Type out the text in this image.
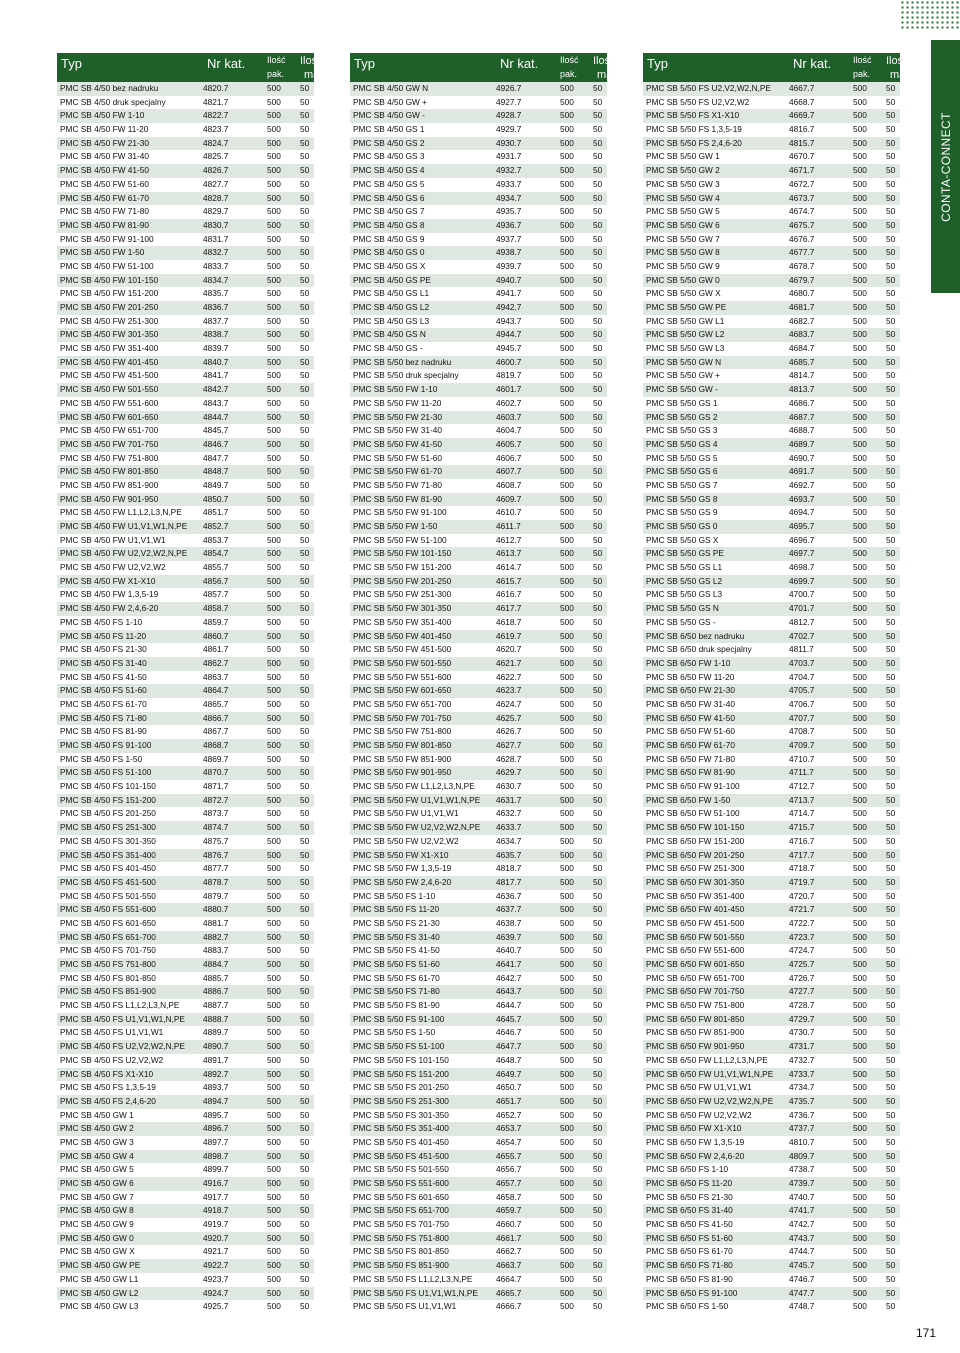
Typ	Nr kat. Ilość
pak.
Ilość/
mat
PMC SB 4/50 bez nadruku	4820.7	500 50
PMC SB 4/50 druk specjalny	4821.7	500 50
PMC SB 4/50 FW 1-10	4822.7	500 50
PMC SB 4/50 FW 11-20	4823.7	500 50
PMC SB 4/50 FW 21-30	4824.7	500 50
PMC SB 4/50 FW 31-40	4825.7	500 50
PMC SB 4/50 FW 41-50	4826.7	500 50
PMC SB 4/50 FW 51-60	4827.7	500 50
PMC SB 4/50 FW 61-70	4828.7	500 50
PMC SB 4/50 FW 71-80	4829.7	500 50
PMC SB 4/50 FW 81-90	4830.7	500 50
PMC SB 4/50 FW 91-100	4831.7	500 50
PMC SB 4/50 FW 1-50	4832.7	500 50
PMC SB 4/50 FW 51-100	4833.7	500 50
PMC SB 4/50 FW 101-150	4834.7	500 50
PMC SB 4/50 FW 151-200	4835.7	500 50
PMC SB 4/50 FW 201-250	4836.7	500 50
PMC SB 4/50 FW 251-300	4837.7	500 50
PMC SB 4/50 FW 301-350	4838.7	500 50
PMC SB 4/50 FW 351-400	4839.7	500 50
PMC SB 4/50 FW 401-450	4840.7	500 50
PMC SB 4/50 FW 451-500	4841.7	500 50
PMC SB 4/50 FW 501-550	4842.7	500 50
PMC SB 4/50 FW 551-600	4843.7	500 50
PMC SB 4/50 FW 601-650	4844.7	500 50
PMC SB 4/50 FW 651-700	4845.7	500 50
PMC SB 4/50 FW 701-750	4846.7	500 50
PMC SB 4/50 FW 751-800	4847.7	500 50
PMC SB 4/50 FW 801-850	4848.7	500 50
PMC SB 4/50 FW 851-900	4849.7	500 50
PMC SB 4/50 FW 901-950	4850.7	500 50
PMC SB 4/50 FW L1,L2,L3,N,PE	4851.7	500 50
PMC SB 4/50 FW U1,V1,W1,N,PE 4852.7	500 50
PMC SB 4/50 FW U1,V1,W1	4853.7	500 50
PMC SB 4/50 FW U2,V2,W2,N,PE 4854.7	500 50
PMC SB 4/50 FW U2,V2,W2	4855.7	500 50
PMC SB 4/50 FW X1-X10	4856.7	500 50
PMC SB 4/50 FW 1,3,5-19	4857.7	500 50
PMC SB 4/50 FW 2,4,6-20	4858.7	500 50
PMC SB 4/50 FS 1-10	4859.7	500 50
PMC SB 4/50 FS 11-20	4860.7	500 50
PMC SB 4/50 FS 21-30	4861.7	500 50
PMC SB 4/50 FS 31-40	4862.7	500 50
PMC SB 4/50 FS 41-50	4863.7	500 50
PMC SB 4/50 FS 51-60	4864.7	500 50
PMC SB 4/50 FS 61-70	4865.7	500 50
PMC SB 4/50 FS 71-80	4866.7	500 50
PMC SB 4/50 FS 81-90	4867.7	500 50
PMC SB 4/50 FS 91-100	4868.7	500 50
PMC SB 4/50 FS 1-50	4869.7	500 50
PMC SB 4/50 FS 51-100	4870.7	500 50
PMC SB 4/50 FS 101-150	4871.7	500 50
PMC SB 4/50 FS 151-200	4872.7	500 50
PMC SB 4/50 FS 201-250	4873.7	500 50
PMC SB 4/50 FS 251-300	4874.7	500 50
PMC SB 4/50 FS 301-350	4875.7	500 50
PMC SB 4/50 FS 351-400	4876.7	500 50
PMC SB 4/50 FS 401-450	4877.7	500 50
PMC SB 4/50 FS 451-500	4878.7	500 50
PMC SB 4/50 FS 501-550	4879.7	500 50
PMC SB 4/50 FS 551-600	4880.7	500 50
PMC SB 4/50 FS 601-650	4881.7	500 50
PMC SB 4/50 FS 651-700	4882.7	500 50
PMC SB 4/50 FS 701-750	4883.7	500 50
PMC SB 4/50 FS 751-800	4884.7	500 50
PMC SB 4/50 FS 801-850	4885.7	500 50
PMC SB 4/50 FS 851-900	4886.7	500 50
PMC SB 4/50 FS L1,L2,L3,N,PE	4887.7	500 50
PMC SB 4/50 FS U1,V1,W1,N,PE 4888.7	500 50
PMC SB 4/50 FS U1,V1,W1	4889.7	500 50
PMC SB 4/50 FS U2,V2,W2,N,PE 4890.7	500 50
PMC SB 4/50 FS U2,V2,W2	4891.7	500 50
PMC SB 4/50 FS X1-X10	4892.7	500 50
PMC SB 4/50 FS 1,3,5-19	4893.7	500 50
PMC SB 4/50 FS 2,4,6-20	4894.7	500 50
PMC SB 4/50 GW 1	4895.7	500 50
PMC SB 4/50 GW 2	4896.7	500 50
PMC SB 4/50 GW 3	4897.7	500 50
PMC SB 4/50 GW 4	4898.7	500 50
PMC SB 4/50 GW 5	4899.7	500 50
PMC SB 4/50 GW 6	4916.7	500 50
PMC SB 4/50 GW 7	4917.7	500 50
PMC SB 4/50 GW 8	4918.7	500 50
PMC SB 4/50 GW 9	4919.7	500 50
PMC SB 4/50 GW 0	4920.7	500 50
PMC SB 4/50 GW X	4921.7	500 50
PMC SB 4/50 GW PE	4922.7	500 50
PMC SB 4/50 GW L1	4923.7	500 50
PMC SB 4/50 GW L2	4924.7	500 50
PMC SB 4/50 GW L3	4925.7	500 50
Typ	Nr kat. Ilość
pak.
Ilość/
mat
PMC SB 4/50 GW N	4926.7	500 50
PMC SB 4/50 GW +	4927.7	500 50
PMC SB 4/50 GW -	4928.7	500 50
PMC SB 4/50 GS 1	4929.7	500 50
PMC SB 4/50 GS 2	4930.7	500 50
PMC SB 4/50 GS 3	4931.7	500 50
PMC SB 4/50 GS 4	4932.7	500 50
PMC SB 4/50 GS 5	4933.7	500 50
PMC SB 4/50 GS 6	4934.7	500 50
PMC SB 4/50 GS 7	4935.7	500 50
PMC SB 4/50 GS 8	4936.7	500 50
PMC SB 4/50 GS 9	4937.7	500 50
PMC SB 4/50 GS 0	4938.7	500 50
PMC SB 4/50 GS X	4939.7	500 50
PMC SB 4/50 GS PE	4940.7	500 50
PMC SB 4/50 GS L1	4941.7	500 50
PMC SB 4/50 GS L2	4942.7	500 50
PMC SB 4/50 GS L3	4943.7	500 50
PMC SB 4/50 GS N	4944.7	500 50
PMC SB 4/50 GS -	4945.7	500 50
PMC SB 5/50 bez nadruku	4600.7	500 50
PMC SB 5/50 druk specjalny	4819.7	500 50
PMC SB 5/50 FW 1-10	4601.7	500 50
PMC SB 5/50 FW 11-20	4602.7	500 50
PMC SB 5/50 FW 21-30	4603.7	500 50
PMC SB 5/50 FW 31-40	4604.7	500 50
PMC SB 5/50 FW 41-50	4605.7	500 50
PMC SB 5/50 FW 51-60	4606.7	500 50
PMC SB 5/50 FW 61-70	4607.7	500 50
PMC SB 5/50 FW 71-80	4608.7	500 50
PMC SB 5/50 FW 81-90	4609.7	500 50
PMC SB 5/50 FW 91-100	4610.7	500 50
PMC SB 5/50 FW 1-50	4611.7	500 50
PMC SB 5/50 FW 51-100	4612.7	500 50
PMC SB 5/50 FW 101-150	4613.7	500 50
PMC SB 5/50 FW 151-200	4614.7	500 50
PMC SB 5/50 FW 201-250	4615.7	500 50
PMC SB 5/50 FW 251-300	4616.7	500 50
PMC SB 5/50 FW 301-350	4617.7	500 50
PMC SB 5/50 FW 351-400	4618.7	500 50
PMC SB 5/50 FW 401-450	4619.7	500 50
PMC SB 5/50 FW 451-500	4620.7	500 50
PMC SB 5/50 FW 501-550	4621.7	500 50
PMC SB 5/50 FW 551-600	4622.7	500 50
PMC SB 5/50 FW 601-650	4623.7	500 50
PMC SB 5/50 FW 651-700	4624.7	500 50
PMC SB 5/50 FW 701-750	4625.7	500 50
PMC SB 5/50 FW 751-800	4626.7	500 50
PMC SB 5/50 FW 801-850	4627.7	500 50
PMC SB 5/50 FW 851-900	4628.7	500 50
PMC SB 5/50 FW 901-950	4629.7	500 50
PMC SB 5/50 FW L1,L2,L3,N,PE	4630.7	500 50
PMC SB 5/50 FW U1,V1,W1,N,PE 4631.7	500 50
PMC SB 5/50 FW U1,V1,W1	4632.7	500 50
PMC SB 5/50 FW U2,V2,W2,N,PE 4633.7	500 50
PMC SB 5/50 FW U2,V2,W2	4634.7	500 50
PMC SB 5/50 FW X1-X10	4635.7	500 50
PMC SB 5/50 FW 1,3,5-19	4818.7	500 50
PMC SB 5/50 FW 2,4,6-20	4817.7	500 50
PMC SB 5/50 FS 1-10	4636.7	500 50
PMC SB 5/50 FS 11-20	4637.7	500 50
PMC SB 5/50 FS 21-30	4638.7	500 50
PMC SB 5/50 FS 31-40	4639.7	500 50
PMC SB 5/50 FS 41-50	4640.7	500 50
PMC SB 5/50 FS 51-60	4641.7	500 50
PMC SB 5/50 FS 61-70	4642.7	500 50
PMC SB 5/50 FS 71-80	4643.7	500 50
PMC SB 5/50 FS 81-90	4644.7	500 50
PMC SB 5/50 FS 91-100	4645.7	500 50
PMC SB 5/50 FS 1-50	4646.7	500 50
PMC SB 5/50 FS 51-100	4647.7	500 50
PMC SB 5/50 FS 101-150	4648.7	500 50
PMC SB 5/50 FS 151-200	4649.7	500 50
PMC SB 5/50 FS 201-250	4650.7	500 50
PMC SB 5/50 FS 251-300	4651.7	500 50
PMC SB 5/50 FS 301-350	4652.7	500 50
PMC SB 5/50 FS 351-400	4653.7	500 50
PMC SB 5/50 FS 401-450	4654.7	500 50
PMC SB 5/50 FS 451-500	4655.7	500 50
PMC SB 5/50 FS 501-550	4656.7	500 50
PMC SB 5/50 FS 551-600	4657.7	500 50
PMC SB 5/50 FS 601-650	4658.7	500 50
PMC SB 5/50 FS 651-700	4659.7	500 50
PMC SB 5/50 FS 701-750	4660.7	500 50
PMC SB 5/50 FS 751-800	4661.7	500 50
PMC SB 5/50 FS 801-850	4662.7	500 50
PMC SB 5/50 FS 851-900	4663.7	500 50
PMC SB 5/50 FS L1,L2,L3,N,PE	4664.7	500 50
PMC SB 5/50 FS U1,V1,W1,N,PE 4665.7	500 50
PMC SB 5/50 FS U1,V1,W1	4666.7	500 50
Typ	Nr kat. Ilość
pak.
Ilość/
mat
PMC SB 5/50 FS U2,V2,W2,N,PE 4667.7	500 50
PMC SB 5/50 FS U2,V2,W2	4668.7	500 50
PMC SB 5/50 FS X1-X10	4669.7	500 50
PMC SB 5/50 FS 1,3,5-19	4816.7	500 50
PMC SB 5/50 FS 2,4,6-20	4815.7	500 50
PMC SB 5/50 GW 1	4670.7	500 50
PMC SB 5/50 GW 2	4671.7	500 50
PMC SB 5/50 GW 3	4672.7	500 50
PMC SB 5/50 GW 4	4673.7	500 50
PMC SB 5/50 GW 5	4674.7	500 50
PMC SB 5/50 GW 6	4675.7	500 50
PMC SB 5/50 GW 7	4676.7	500 50
PMC SB 5/50 GW 8	4677.7	500 50
PMC SB 5/50 GW 9	4678.7	500 50
PMC SB 5/50 GW 0	4679.7	500 50
PMC SB 5/50 GW X	4680.7	500 50
PMC SB 5/50 GW PE	4681.7	500 50
PMC SB 5/50 GW L1	4682.7	500 50
PMC SB 5/50 GW L2	4683.7	500 50
PMC SB 5/50 GW L3	4684.7	500 50
PMC SB 5/50 GW N	4685.7	500 50
PMC SB 5/50 GW +	4814.7	500 50
PMC SB 5/50 GW -	4813.7	500 50
PMC SB 5/50 GS 1	4686.7	500 50
PMC SB 5/50 GS 2	4687.7	500 50
PMC SB 5/50 GS 3	4688.7	500 50
PMC SB 5/50 GS 4	4689.7	500 50
PMC SB 5/50 GS 5	4690.7	500 50
PMC SB 5/50 GS 6	4691.7	500 50
PMC SB 5/50 GS 7	4692.7	500 50
PMC SB 5/50 GS 8	4693.7	500 50
PMC SB 5/50 GS 9	4694.7	500 50
PMC SB 5/50 GS 0	4695.7	500 50
PMC SB 5/50 GS X	4696.7	500 50
PMC SB 5/50 GS PE	4697.7	500 50
PMC SB 5/50 GS L1	4698.7	500 50
PMC SB 5/50 GS L2	4699.7	500 50
PMC SB 5/50 GS L3	4700.7	500 50
PMC SB 5/50 GS N	4701.7	500 50
PMC SB 5/50 GS -	4812.7	500 50
PMC SB 6/50 bez nadruku	4702.7	500 50
PMC SB 6/50 druk specjalny	4811.7	500 50
PMC SB 6/50 FW 1-10	4703.7	500 50
PMC SB 6/50 FW 11-20	4704.7	500 50
PMC SB 6/50 FW 21-30	4705.7	500 50
PMC SB 6/50 FW 31-40	4706.7	500 50
PMC SB 6/50 FW 41-50	4707.7	500 50
PMC SB 6/50 FW 51-60	4708.7	500 50
PMC SB 6/50 FW 61-70	4709.7	500 50
PMC SB 6/50 FW 71-80	4710.7	500 50
PMC SB 6/50 FW 81-90	4711.7	500 50
PMC SB 6/50 FW 91-100	4712.7	500 50
PMC SB 6/50 FW 1-50	4713.7	500 50
PMC SB 6/50 FW 51-100	4714.7	500 50
PMC SB 6/50 FW 101-150	4715.7	500 50
PMC SB 6/50 FW 151-200	4716.7	500 50
PMC SB 6/50 FW 201-250	4717.7	500 50
PMC SB 6/50 FW 251-300	4718.7	500 50
PMC SB 6/50 FW 301-350	4719.7	500 50
PMC SB 6/50 FW 351-400	4720.7	500 50
PMC SB 6/50 FW 401-450	4721.7	500 50
PMC SB 6/50 FW 451-500	4722.7	500 50
PMC SB 6/50 FW 501-550	4723.7	500 50
PMC SB 6/50 FW 551-600	4724.7	500 50
PMC SB 6/50 FW 601-650	4725.7	500 50
PMC SB 6/50 FW 651-700	4726.7	500 50
PMC SB 6/50 FW 701-750	4727.7	500 50
PMC SB 6/50 FW 751-800	4728.7	500 50
PMC SB 6/50 FW 801-850	4729.7	500 50
PMC SB 6/50 FW 851-900	4730.7	500 50
PMC SB 6/50 FW 901-950	4731.7	500 50
PMC SB 6/50 FW L1,L2,L3,N,PE	4732.7	500 50
PMC SB 6/50 FW U1,V1,W1,N,PE 4733.7	500 50
PMC SB 6/50 FW U1,V1,W1	4734.7	500 50
PMC SB 6/50 FW U2,V2,W2,N,PE 4735.7	500 50
PMC SB 6/50 FW U2,V2,W2	4736.7	500 50
PMC SB 6/50 FW X1-X10	4737.7	500 50
PMC SB 6/50 FW 1,3,5-19	4810.7	500 50
PMC SB 6/50 FW 2,4,6-20	4809.7	500 50
PMC SB 6/50 FS 1-10	4738.7	500 50
PMC SB 6/50 FS 11-20	4739.7	500 50
PMC SB 6/50 FS 21-30	4740.7	500 50
PMC SB 6/50 FS 31-40	4741.7	500 50
PMC SB 6/50 FS 41-50	4742.7	500 50
PMC SB 6/50 FS 51-60	4743.7	500 50
PMC SB 6/50 FS 61-70	4744.7	500 50
PMC SB 6/50 FS 71-80	4745.7	500 50
PMC SB 6/50 FS 81-90	4746.7	500 50
PMC SB 6/50 FS 91-100	4747.7	500 50
PMC SB 6/50 FS 1-50	4748.7	500 50
CONTA-CONNECT
171
